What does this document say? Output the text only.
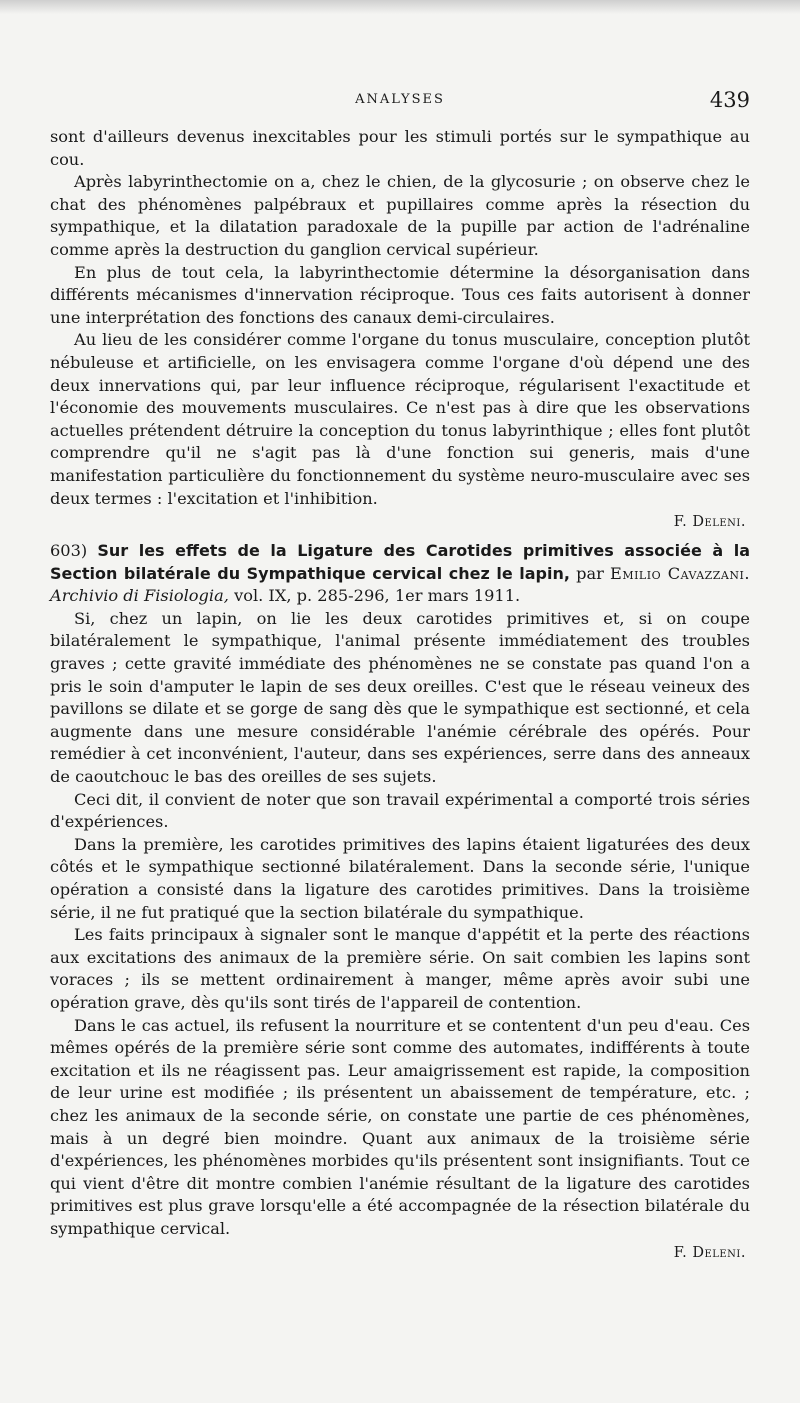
ANALYSES	439

sont d'ailleurs devenus inexcitables pour les stimuli portés sur le sympathique au cou.

Après labyrinthectomie on a, chez le chien, de la glycosurie ; on observe chez le chat des phénomènes palpébraux et pupillaires comme après la résection du sympathique, et la dilatation paradoxale de la pupille par action de l'adrénaline comme après la destruction du ganglion cervical supérieur.

En plus de tout cela, la labyrinthectomie détermine la désorganisation dans différents mécanismes d'innervation réciproque. Tous ces faits autorisent à donner une interprétation des fonctions des canaux demi-circulaires.

Au lieu de les considérer comme l'organe du tonus musculaire, conception plutôt nébuleuse et artificielle, on les envisagera comme l'organe d'où dépend une des deux innervations qui, par leur influence réciproque, régularisent l'exactitude et l'économie des mouvements musculaires. Ce n'est pas à dire que les observations actuelles prétendent détruire la conception du tonus labyrinthique ; elles font plutôt comprendre qu'il ne s'agit pas là d'une fonction sui generis, mais d'une manifestation particulière du fonctionnement du système neuro-musculaire avec ses deux termes : l'excitation et l'inhibition.

F. Deleni.
603) Sur les effets de la Ligature des Carotides primitives associée à la Section bilatérale du Sympathique cervical chez le lapin, par Emilio Cavazzani. Archivio di Fisiologia, vol. IX, p. 285-296, 1er mars 1911.

Si, chez un lapin, on lie les deux carotides primitives et, si on coupe bilatéralement le sympathique, l'animal présente immédiatement des troubles graves ; cette gravité immédiate des phénomènes ne se constate pas quand l'on a pris le soin d'amputer le lapin de ses deux oreilles. C'est que le réseau veineux des pavillons se dilate et se gorge de sang dès que le sympathique est sectionné, et cela augmente dans une mesure considérable l'anémie cérébrale des opérés. Pour remédier à cet inconvénient, l'auteur, dans ses expériences, serre dans des anneaux de caoutchouc le bas des oreilles de ses sujets.

Ceci dit, il convient de noter que son travail expérimental a comporté trois séries d'expériences.

Dans la première, les carotides primitives des lapins étaient ligaturées des deux côtés et le sympathique sectionné bilatéralement. Dans la seconde série, l'unique opération a consisté dans la ligature des carotides primitives. Dans la troisième série, il ne fut pratiqué que la section bilatérale du sympathique.

Les faits principaux à signaler sont le manque d'appétit et la perte des réactions aux excitations des animaux de la première série. On sait combien les lapins sont voraces ; ils se mettent ordinairement à manger, même après avoir subi une opération grave, dès qu'ils sont tirés de l'appareil de contention.

Dans le cas actuel, ils refusent la nourriture et se contentent d'un peu d'eau. Ces mêmes opérés de la première série sont comme des automates, indifférents à toute excitation et ils ne réagissent pas. Leur amaigrissement est rapide, la composition de leur urine est modifiée ; ils présentent un abaissement de température, etc. ; chez les animaux de la seconde série, on constate une partie de ces phénomènes, mais à un degré bien moindre. Quant aux animaux de la troisième série d'expériences, les phénomènes morbides qu'ils présentent sont insignifiants. Tout ce qui vient d'être dit montre combien l'anémie résultant de la ligature des carotides primitives est plus grave lorsqu'elle a été accompagnée de la résection bilatérale du sympathique cervical.

F. Deleni.
